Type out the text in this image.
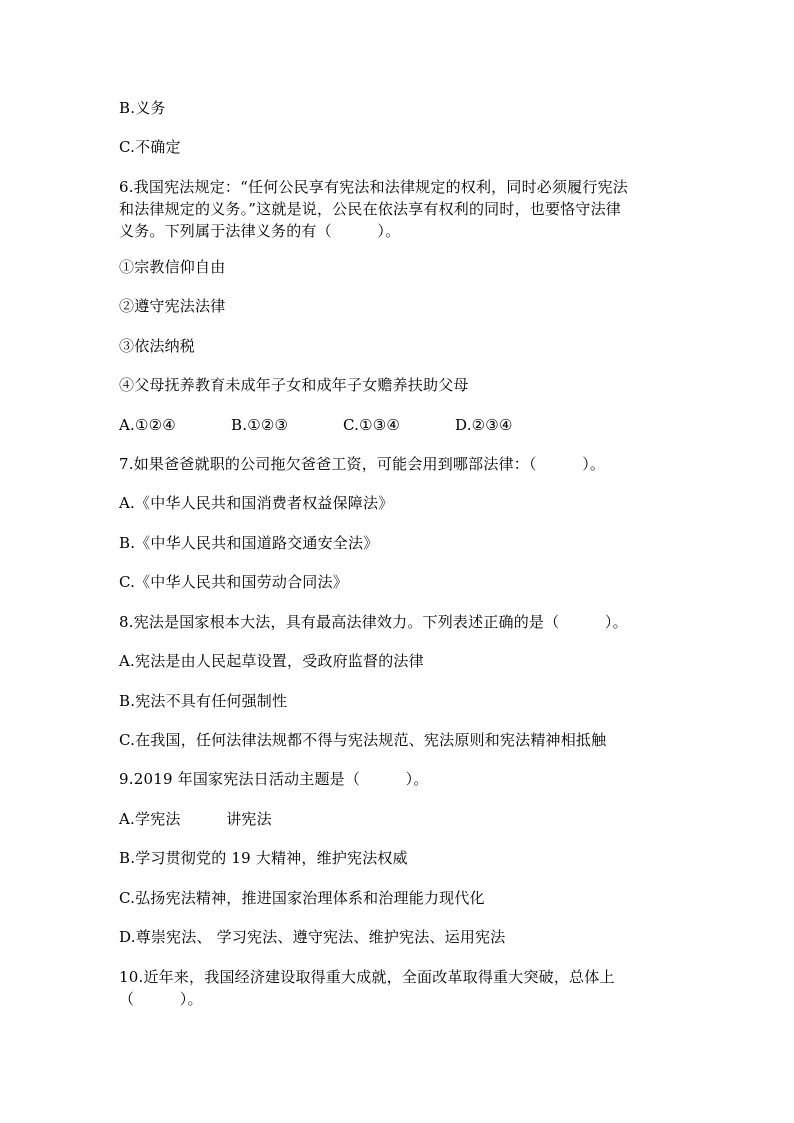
B.义务
C.不确定
6.我国宪法规定：“任何公民享有宪法和法律规定的权利，同时必须履行宪法
和法律规定的义务。”这就是说，公民在依法享有权利的同时，也要恪守法律
义务。下列属于法律义务的有（　　　）。
①宗教信仰自由
②遵守宪法法律
③依法纳税
④父母抚养教育未成年子女和成年子女赡养扶助父母
A.①②④	B.①②③	C.①③④	D.②③④
7.如果爸爸就职的公司拖欠爸爸工资，可能会用到哪部法律：（　　　）。
A.《中华人民共和国消费者权益保障法》
B.《中华人民共和国道路交通安全法》
C.《中华人民共和国劳动合同法》
8.宪法是国家根本大法，具有最高法律效力。下列表述正确的是（　　　）。
A.宪法是由人民起草设置，受政府监督的法律
B.宪法不具有任何强制性
C.在我国，任何法律法规都不得与宪法规范、宪法原则和宪法精神相抵触
9.2019 年国家宪法日活动主题是（　　　）。
A.学宪法　　　讲宪法
B.学习贯彻党的 19 大精神，维护宪法权威
C.弘扬宪法精神，推进国家治理体系和治理能力现代化
D.尊崇宪法、 学习宪法、遵守宪法、维护宪法、运用宪法
10.近年来，我国经济建设取得重大成就，全面改革取得重大突破，总体上
（　　　）。
